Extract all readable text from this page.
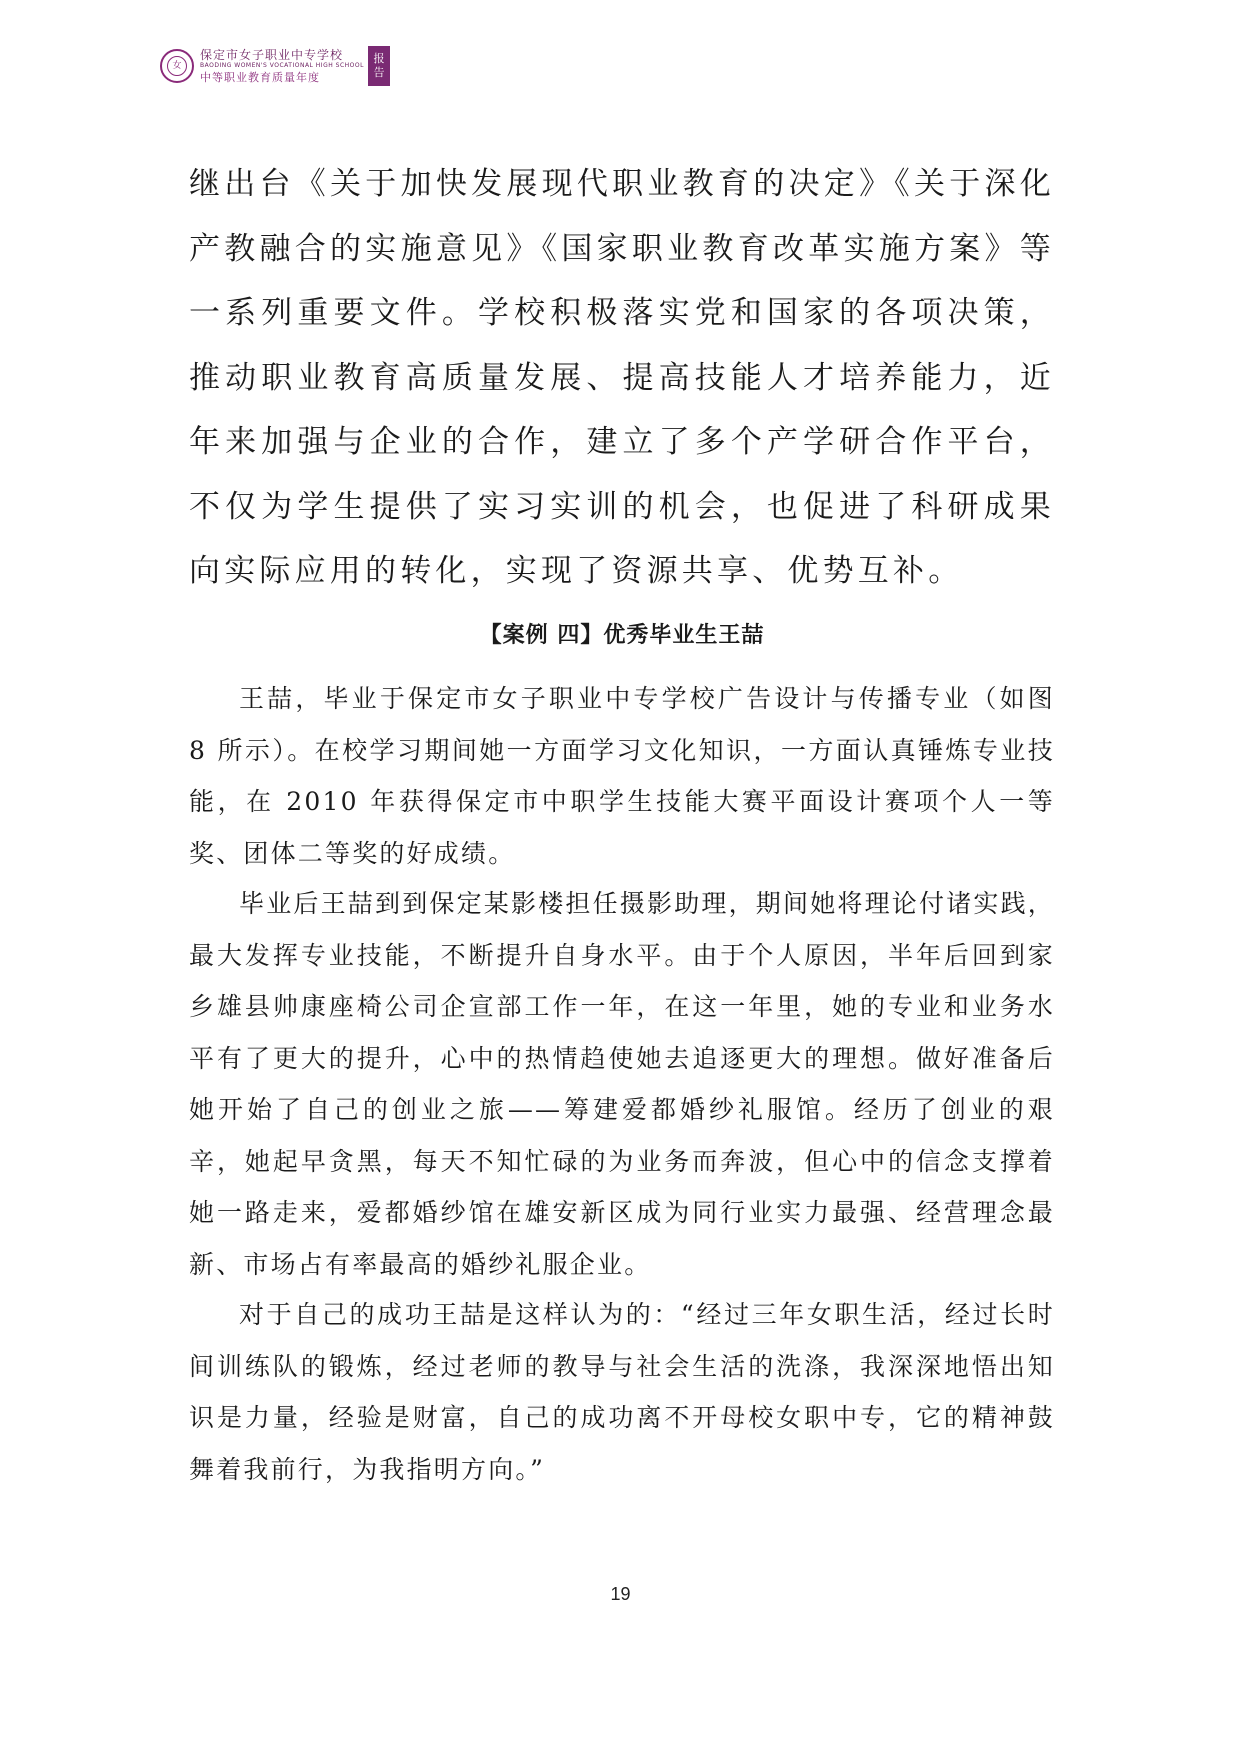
女
保定市女子职业中专学校
BAODING WOMEN'S VOCATIONAL HIGH SCHOOL
中等职业教育质量年度
报
告

继出台《关于加快发展现代职业教育的决定》《关于深化产教融合的实施意见》《国家职业教育改革实施方案》等一系列重要文件。学校积极落实党和国家的各项决策，推动职业教育高质量发展、提高技能人才培养能力，近年来加强与企业的合作，建立了多个产学研合作平台，不仅为学生提供了实习实训的机会，也促进了科研成果向实际应用的转化，实现了资源共享、优势互补。

【案例 四】优秀毕业生王喆

王喆，毕业于保定市女子职业中专学校广告设计与传播专业（如图 8 所示）。在校学习期间她一方面学习文化知识，一方面认真锤炼专业技能，在 2010 年获得保定市中职学生技能大赛平面设计赛项个人一等奖、团体二等奖的好成绩。

毕业后王喆到到保定某影楼担任摄影助理，期间她将理论付诸实践，最大发挥专业技能，不断提升自身水平。由于个人原因，半年后回到家乡雄县帅康座椅公司企宣部工作一年，在这一年里，她的专业和业务水平有了更大的提升，心中的热情趋使她去追逐更大的理想。做好准备后她开始了自己的创业之旅——筹建爱都婚纱礼服馆。经历了创业的艰辛，她起早贪黑，每天不知忙碌的为业务而奔波，但心中的信念支撑着她一路走来，爱都婚纱馆在雄安新区成为同行业实力最强、经营理念最新、市场占有率最高的婚纱礼服企业。

对于自己的成功王喆是这样认为的：“经过三年女职生活，经过长时间训练队的锻炼，经过老师的教导与社会生活的洗涤，我深深地悟出知识是力量，经验是财富，自己的成功离不开母校女职中专，它的精神鼓舞着我前行，为我指明方向。”

19
